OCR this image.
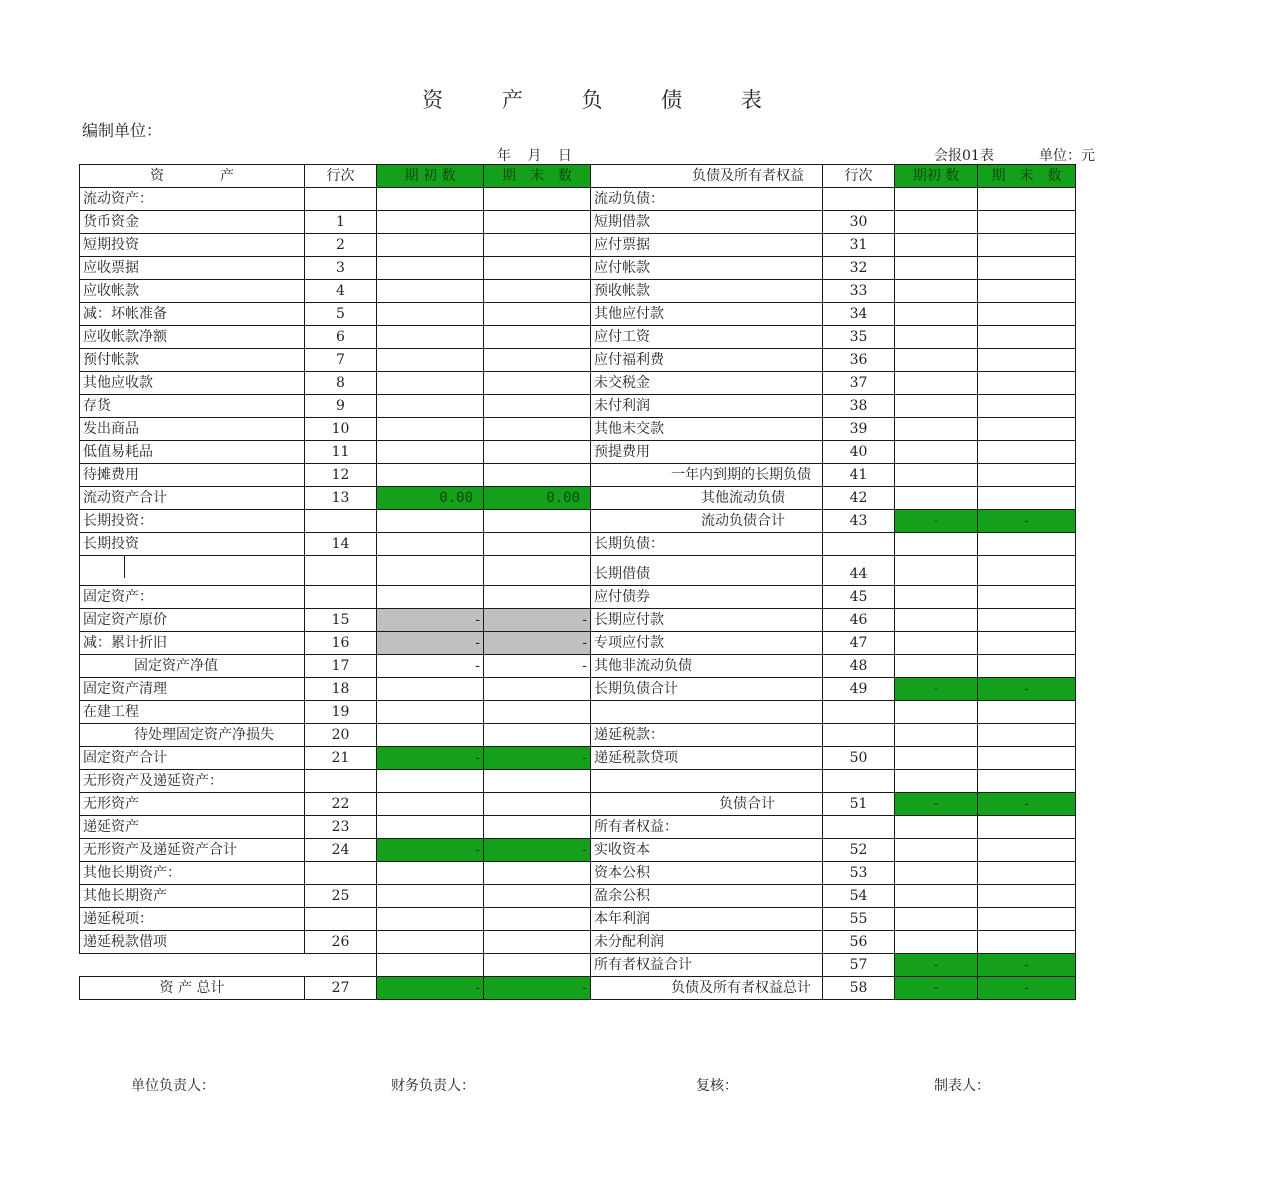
资 产 负 债 表
编制单位：
年 月 日	会报01表	单位：元
资　　　　产	行次	期 初 数	期　末　数	负债及所有者权益	行次	期初 数	期　末　数
流动资产：				流动负债：			
货币资金	1			短期借款	30		
短期投资	2			应付票据	31		
应收票据	3			应付帐款	32		
应收帐款	4			预收帐款	33		
减：坏帐准备	5			其他应付款	34		
应收帐款净额	6			应付工资	35		
预付帐款	7			应付福利费	36		
其他应收款	8			未交税金	37		
存货	9			未付利润	38		
发出商品	10			其他未交款	39		
低值易耗品	11			预提费用	40		
待摊费用	12			一年内到期的长期负债	41		
流动资产合计	13	0.00	0.00	其他流动负债	42		
长期投资：				流动负债合计	43	-	-
长期投资	14			长期负债：			
				长期借债	44		
固定资产：				应付债券	45		
固定资产原价	15	-	-	长期应付款	46		
减：累计折旧	16	-	-	专项应付款	47		
固定资产净值	17	-	-	其他非流动负债	48		
固定资产清理	18			长期负债合计	49	-	-
在建工程	19						
待处理固定资产净损失	20			递延税款：			
固定资产合计	21	-	-	递延税款贷项	50		
无形资产及递延资产：							
无形资产	22			负债合计	51	-	-
递延资产	23			所有者权益：			
无形资产及递延资产合计	24	-	-	实收资本	52		
其他长期资产：				资本公积	53		
其他长期资产	25			盈余公积	54		
递延税项：				本年利润	55		
递延税款借项	26			未分配利润	56		
				所有者权益合计	57	-	-
资 产 总计	27	-	-	负债及所有者权益总计	58	-	-
单位负责人：	财务负责人：	复核：	制表人：
